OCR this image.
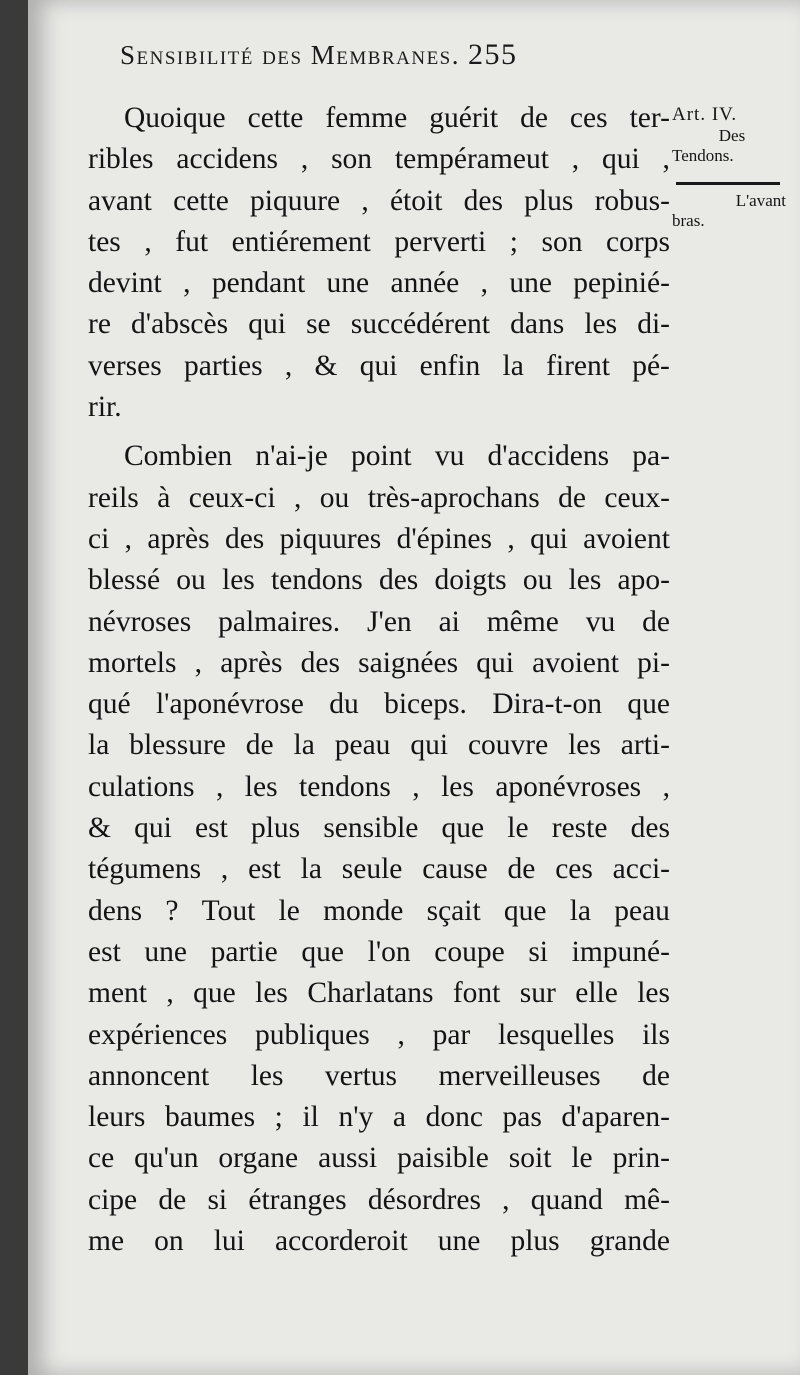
Sensibilité des Membranes. 255
Art. IV.
Des
Tendons.
L'avant
bras.
Quoique cette femme guérit de ces ter-
ribles accidens , son tempérameut , qui ,
avant cette piquure , étoit des plus robus-
tes , fut entiérement perverti ; son corps
devint , pendant une année , une pepinié-
re d'abscès qui se succédérent dans les di-
verses parties , & qui enfin la firent pé-
rir.
Combien n'ai-je point vu d'accidens pa-
reils à ceux-ci , ou très-aprochans de ceux-
ci , après des piquures d'épines , qui avoient
blessé ou les tendons des doigts ou les apo-
névroses palmaires. J'en ai même vu de
mortels , après des saignées qui avoient pi-
qué l'aponévrose du biceps. Dira-t-on que
la blessure de la peau qui couvre les arti-
culations , les tendons , les aponévroses ,
& qui est plus sensible que le reste des
tégumens , est la seule cause de ces acci-
dens ? Tout le monde sçait que la peau
est une partie que l'on coupe si impuné-
ment , que les Charlatans font sur elle les
expériences publiques , par lesquelles ils
annoncent les vertus merveilleuses de
leurs baumes ; il n'y a donc pas d'aparen-
ce qu'un organe aussi paisible soit le prin-
cipe de si étranges désordres , quand mê-
me on lui accorderoit une plus grande
